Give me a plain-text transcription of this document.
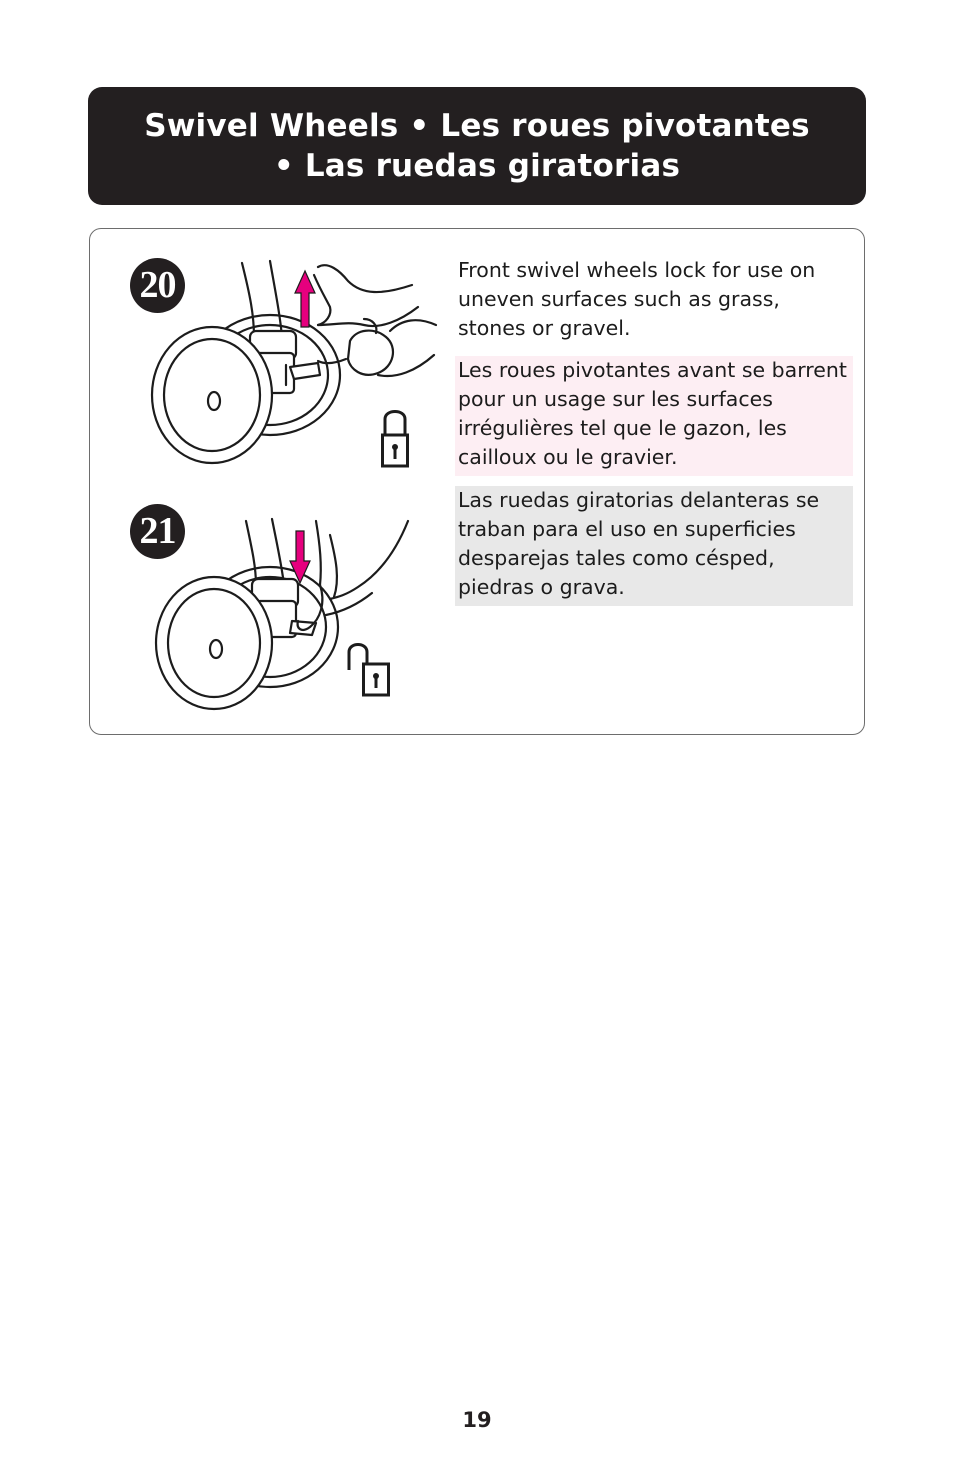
Swivel Wheels • Les roues pivotantes
• Las ruedas giratorias
20
21
Front swivel wheels lock for use on uneven surfaces such as grass, stones or gravel.
Les roues pivotantes avant se barrent pour un usage sur les surfaces irrégulières tel que le gazon, les cailloux ou le gravier.
Las ruedas giratorias delanteras se traban para el uso en superficies desparejas tales como césped, piedras o grava.
19
